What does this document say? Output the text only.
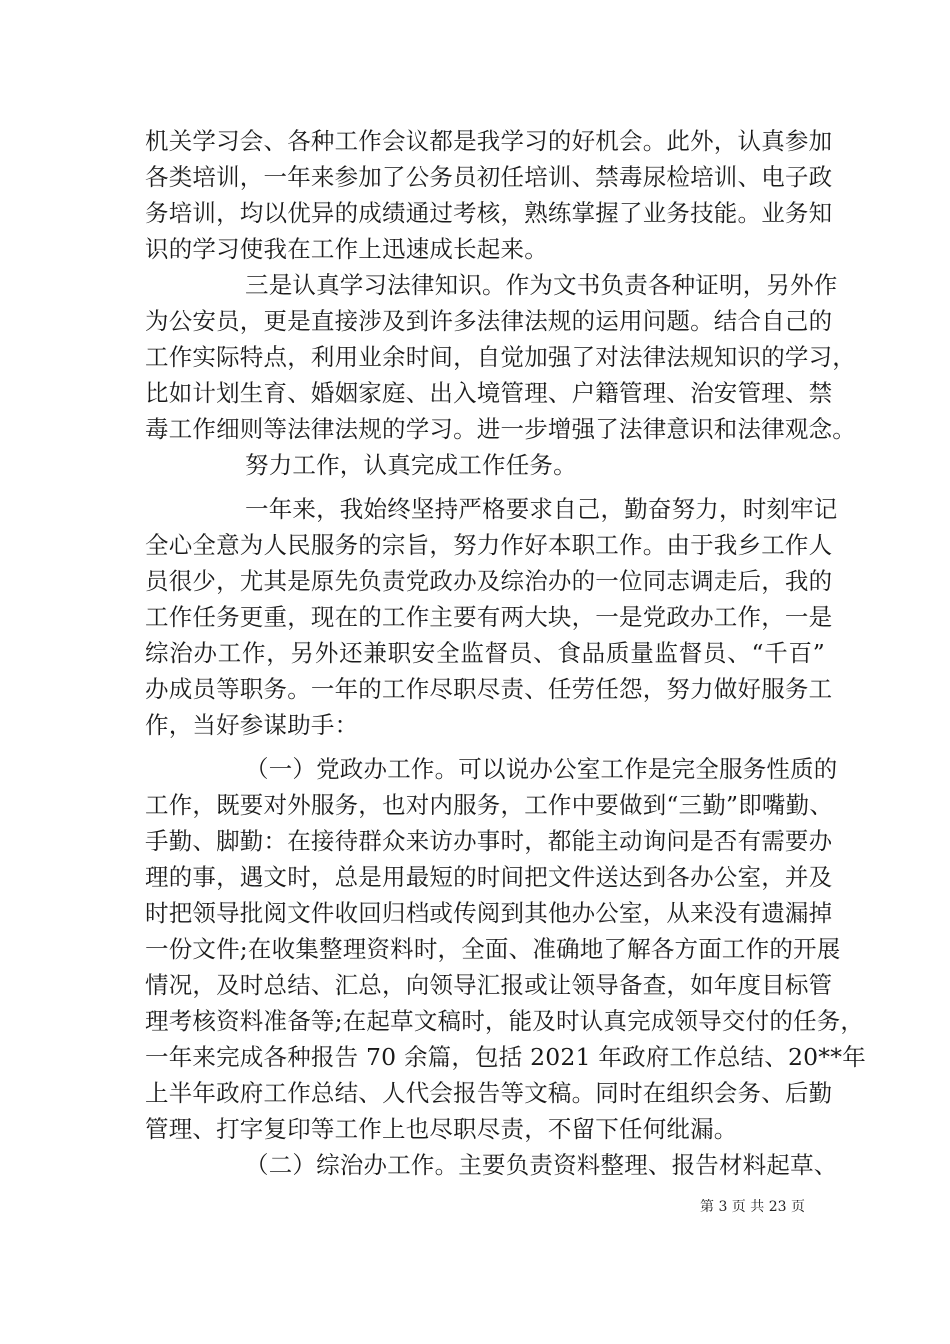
机关学习会、各种工作会议都是我学习的好机会。此外，认真参加
各类培训，一年来参加了公务员初任培训、禁毒尿检培训、电子政
务培训，均以优异的成绩通过考核，熟练掌握了业务技能。业务知
识的学习使我在工作上迅速成长起来。
三是认真学习法律知识。作为文书负责各种证明，另外作
为公安员，更是直接涉及到许多法律法规的运用问题。结合自己的
工作实际特点，利用业余时间，自觉加强了对法律法规知识的学习，
比如计划生育、婚姻家庭、出入境管理、户籍管理、治安管理、禁
毒工作细则等法律法规的学习。进一步增强了法律意识和法律观念。
努力工作，认真完成工作任务。
一年来，我始终坚持严格要求自己，勤奋努力，时刻牢记
全心全意为人民服务的宗旨，努力作好本职工作。由于我乡工作人
员很少，尤其是原先负责党政办及综治办的一位同志调走后，我的
工作任务更重，现在的工作主要有两大块，一是党政办工作，一是
综治办工作，另外还兼职安全监督员、食品质量监督员、“千百”
办成员等职务。一年的工作尽职尽责、任劳任怨，努力做好服务工
作，当好参谋助手：
（一）党政办工作。可以说办公室工作是完全服务性质的
工作，既要对外服务，也对内服务，工作中要做到“三勤”即嘴勤、
手勤、脚勤：在接待群众来访办事时，都能主动询问是否有需要办
理的事，遇文时，总是用最短的时间把文件送达到各办公室，并及
时把领导批阅文件收回归档或传阅到其他办公室，从来没有遗漏掉
一份文件;在收集整理资料时，全面、准确地了解各方面工作的开展
情况，及时总结、汇总，向领导汇报或让领导备查，如年度目标管
理考核资料准备等;在起草文稿时，能及时认真完成领导交付的任务，
一年来完成各种报告 70 余篇，包括 2021 年政府工作总结、20**年
上半年政府工作总结、人代会报告等文稿。同时在组织会务、后勤
管理、打字复印等工作上也尽职尽责，不留下任何纰漏。
（二）综治办工作。主要负责资料整理、报告材料起草、
第 3 页 共 23 页
